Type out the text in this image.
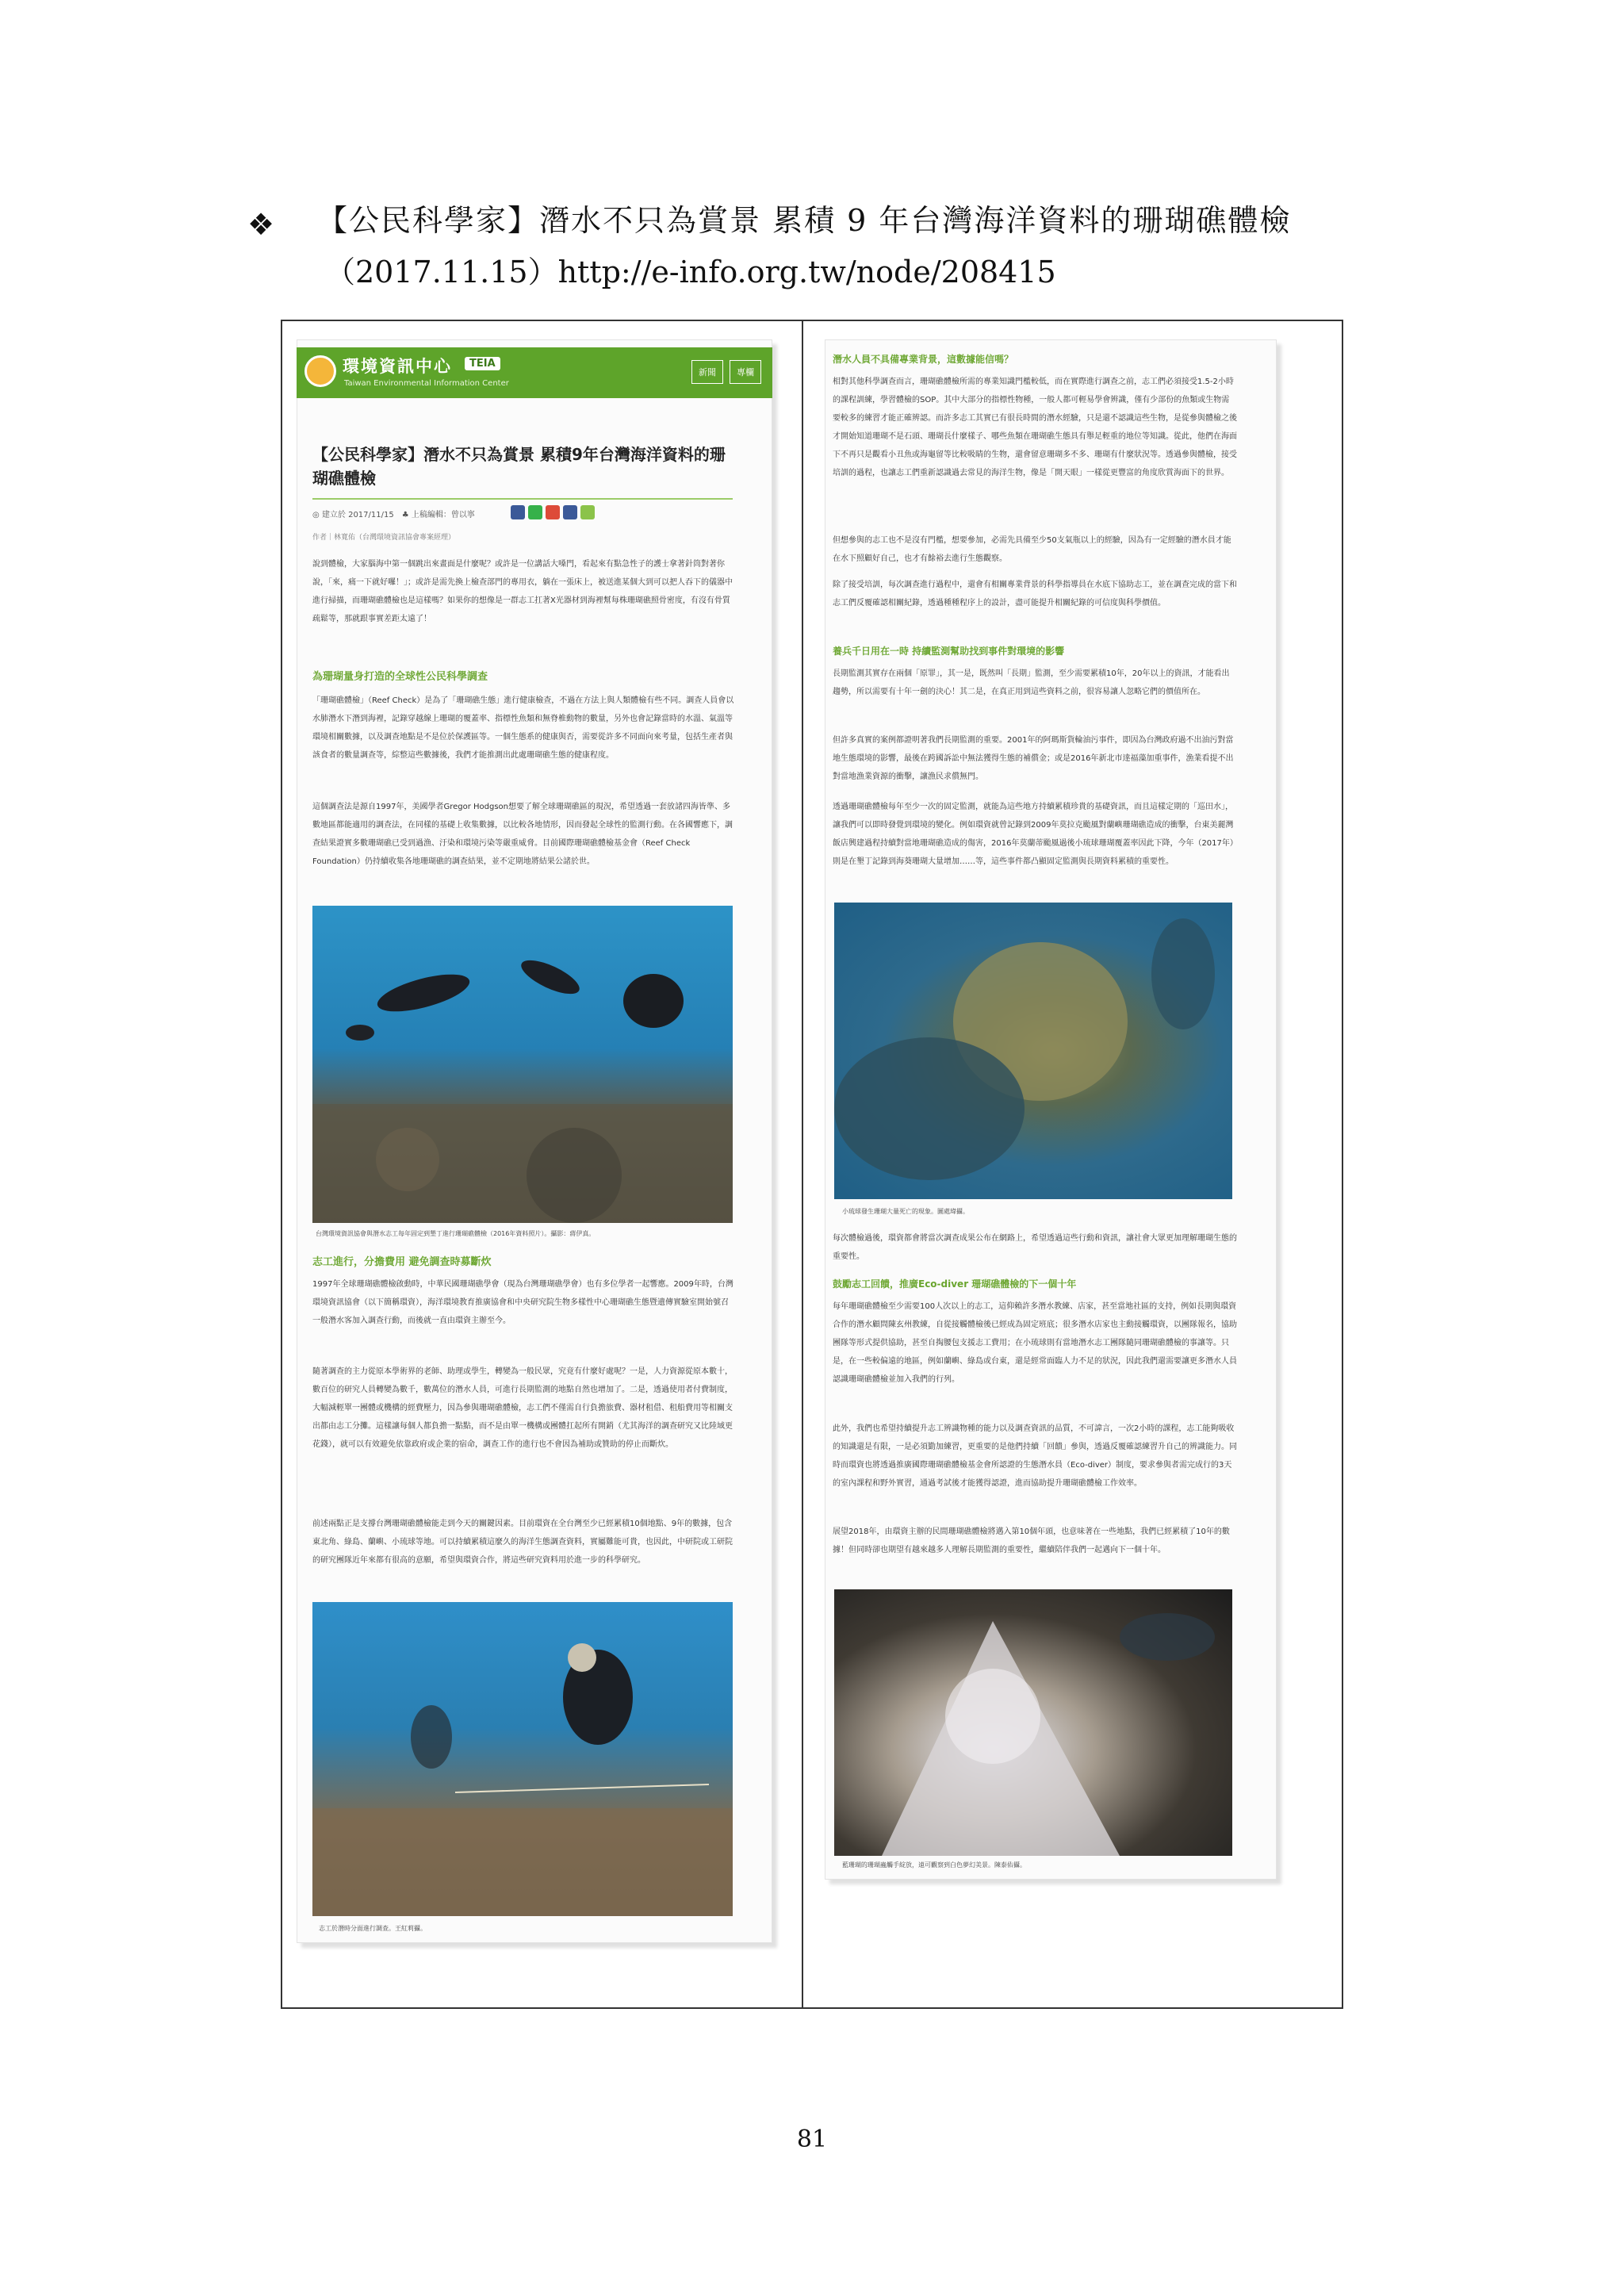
❖ 【公民科學家】潛水不只為賞景 累積 9 年台灣海洋資料的珊瑚礁體檢
（2017.11.15）http://e-info.org.tw/node/208415
環境資訊中心	TEIA
Taiwan Environmental Information Center
新聞	專欄
【公民科學家】潛水不只為賞景 累積9年台灣海洋資料的珊瑚礁體檢
◎ 建立於 2017/11/15　♣ 上稿編輯：曾以寧
作者｜林寬佑（台灣環境資訊協會專案經理）
說到體檢，大家腦海中第一個跳出來畫面是什麼呢？或許是一位講話大嗓門，看起來有點急性子的護士拿著針筒對著你說，「來，痛一下就好囉！」；或許是需先換上檢查部門的專用衣，躺在一張床上，被送進某個大到可以把人吞下的儀器中進行掃描，而珊瑚礁體檢也是這樣嗎？如果你的想像是一群志工扛著X光器材到海裡幫每株珊瑚礁照骨密度，有沒有骨質疏鬆等，那就跟事實差距太遠了！
為珊瑚量身打造的全球性公民科學調查
「珊瑚礁體檢」（Reef Check）是為了「珊瑚礁生態」進行健康檢查，不過在方法上與人類體檢有些不同。調查人員會以水肺潛水下潛到海裡，記錄穿越線上珊瑚的覆蓋率、指標性魚類和無脊椎動物的數量，另外也會記錄當時的水溫、氣溫等環境相關數據，以及調查地點是不是位於保護區等。一個生態系的健康與否，需要從許多不同面向來考量，包括生產者與該食者的數量調查等，綜整這些數據後，我們才能推測出此處珊瑚礁生態的健康程度。
這個調查法是源自1997年，美國學者Gregor Hodgson想要了解全球珊瑚礁區的現況，希望透過一套放諸四海皆準、多數地區都能適用的調查法，在同樣的基礎上收集數據，以比較各地情形，因而發起全球性的監測行動。在各國響應下，調查結果證實多數珊瑚礁已受到過漁、汙染和環境污染等嚴重威脅。目前國際珊瑚礁體檢基金會（Reef Check Foundation）仍持續收集各地珊瑚礁的調查結果，並不定期地將結果公諸於世。
台灣環境資訊協會與潛水志工每年固定到墾丁進行珊瑚礁體檢（2016年資料照片）。攝影：蔣伊真。
志工進行，分擔費用 避免調查時募斷炊
1997年全球珊瑚礁體檢啟動時，中華民國珊瑚礁學會（現為台灣珊瑚礁學會）也有多位學者一起響應。2009年時，台灣環境資訊協會（以下簡稱環資），海洋環境教育推廣協會和中央研究院生物多樣性中心珊瑚礁生態暨遺傳實驗室開始號召一般潛水客加入調查行動，而後就一直由環資主辦至今。
隨著調查的主力從原本學術界的老師、助理或學生，轉變為一般民眾，究竟有什麼好處呢？一是，人力資源從原本數十，數百位的研究人員轉變為數千，數萬位的潛水人員，可進行長期監測的地點自然也增加了。二是，透過使用者付費制度，大幅減輕單一團體或機構的經費壓力，因為參與珊瑚礁體檢，志工們不僅需自行負擔旅費、器材租借、租船費用等相關支出都由志工分攤。這樣讓每個人都負擔一點點，而不是由單一機構或團體扛起所有開銷（尤其海洋的調查研究又比陸域更花錢），就可以有效避免依靠政府或企業的宿命，調查工作的進行也不會因為補助或贊助的停止而斷炊。
前述兩點正是支撐台灣珊瑚礁體檢能走到今天的關鍵因素。目前環資在全台灣至少已經累積10個地點、9年的數據，包含東北角、綠島、蘭嶼、小琉球等地。可以持續累積這麼久的海洋生態調查資料，實屬難能可貴，也因此，中研院或工研院的研究團隊近年來都有很高的意願，希望與環資合作，將這些研究資料用於進一步的科學研究。
志工於潛時分面進行調查。王紅莉攝。
潛水人員不具備專業背景，這數據能信嗎？
相對其他科學調查而言，珊瑚礁體檢所需的專業知識門檻較低，而在實際進行調查之前，志工們必須接受1.5-2小時的課程訓練，學習體檢的SOP。其中大部分的指標性物種，一般人都可輕易學會辨識，僅有少部份的魚類或生物需要較多的練習才能正確辨認。而許多志工其實已有很長時間的潛水經驗，只是還不認識這些生物，是從參與體檢之後才開始知道珊瑚不是石頭、珊瑚長什麼樣子、哪些魚類在珊瑚礁生態具有舉足輕重的地位等知識。從此，他們在海面下不再只是觀看小丑魚或海龜留等比較吸睛的生物，還會留意珊瑚多不多、珊瑚有什麼狀況等。透過參與體檢，接受培訓的過程，也讓志工們重新認識過去常見的海洋生物，像是「開天眼」一樣從更豐富的角度欣賞海面下的世界。
但想參與的志工也不是沒有門檻，想要參加，必需先具備至少50支氣瓶以上的經驗，因為有一定經驗的潛水員才能在水下照顧好自己，也才有餘裕去進行生態觀察。
除了接受培訓，每次調查進行過程中，還會有相關專業背景的科學指導員在水底下協助志工，並在調查完成的當下和志工們反覆確認相關紀錄，透過種種程序上的設計，盡可能提升相關紀錄的可信度與科學價值。
養兵千日用在一時 持續監測幫助找到事件對環境的影響
長期監測其實存在兩個「原罪」，其一是，既然叫「長期」監測，至少需要累積10年，20年以上的資訊，才能看出趨勢，所以需要有十年一劍的決心！其二是，在真正用到這些資料之前，很容易讓人忽略它們的價值所在。
但許多真實的案例都證明著我們長期監測的重要。2001年的阿瑪斯貨輪油污事件，即因為台灣政府過不出油污對當地生態環境的影響，最後在跨國訴訟中無法獲得生態的補償金；或是2016年新北市達福藻加重事件，漁業看提不出對當地漁業資源的衝擊，讓漁民求償無門。
透過珊瑚礁體檢每年至少一次的固定監測，就能為這些地方持續累積珍貴的基礎資訊，而且這樣定期的「巡田水」，讓我們可以即時發覺到環境的變化。例如環資就曾記錄到2009年莫拉克颱風對蘭嶼珊瑚礁造成的衝擊，台東美麗灣飯店興建過程持續對當地珊瑚礁造成的傷害，2016年莫蘭蒂颱風過後小琉球珊瑚覆蓋率因此下降，今年（2017年）則是在墾丁記錄到海葵珊瑚大量增加……等，這些事件都凸顯固定監測與長期資料累積的重要性。
小琉球發生珊瑚大量死亡的現象。圖處瑋攝。
每次體檢過後，環資都會將當次調查成果公布在網路上，希望透過這些行動和資訊，讓社會大眾更加理解珊瑚生態的重要性。
鼓勵志工回饋，推廣Eco-diver 珊瑚礁體檢的下一個十年
每年珊瑚礁體檢至少需要100人次以上的志工，這仰賴許多潛水教練、店家，甚至當地社區的支持，例如長期與環資合作的潛水顧問陳玄州教練，自從接觸體檢後已經成為固定班底；很多潛水店家也主動接觸環資，以團隊報名，協助團隊等形式提供協助，甚至自掏腰包支援志工費用；在小琉球則有當地潛水志工團隊隨同珊瑚礁體檢的事讓等。只是，在一些較偏遠的地區，例如蘭嶼、綠島或台東，還是經常面臨人力不足的狀況，因此我們還需要讓更多潛水人員認識珊瑚礁體檢並加入我們的行列。
此外，我們也希望持續提升志工辨識物種的能力以及調查資訊的品質，不可諱言，一次2小時的課程，志工能夠吸收的知識還是有限，一是必須勤加練習，更重要的是他們持續「回饋」參與，透過反覆確認練習升自己的辨識能力。同時而環資也將透過推廣國際珊瑚礁體檢基金會所認證的生態潛水員（Eco-diver）制度，要求參與者需完成行的3天的室內課程和野外實習，通過考試後才能獲得認證，進而協助提升珊瑚礁體檢工作效率。
展望2018年，由環資主辦的民間珊瑚礁體檢將邁入第10個年頭，也意味著在一些地點，我們已經累積了10年的數據！但同時卻也期望有越來越多人理解長期監測的重要性，繼續陪伴我們一起邁向下一個十年。
藍珊瑚的珊瑚蟲觸手綻放，遠可觀察到白色夢幻美景。陳泰佑攝。
81
